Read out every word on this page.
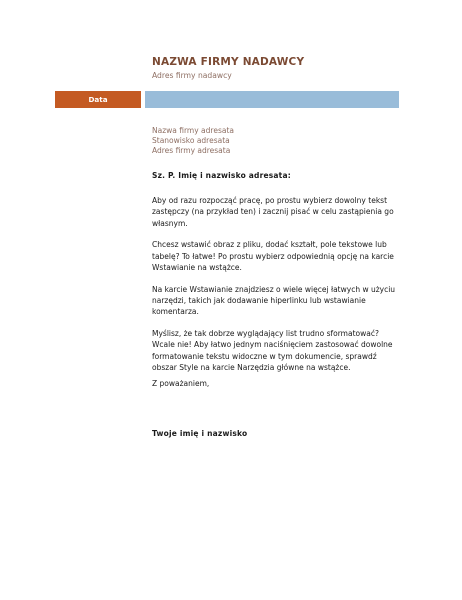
NAZWA FIRMY NADAWCY
Adres firmy nadawcy
Data
Nazwa firmy adresata
Stanowisko adresata
Adres firmy adresata
Sz. P. Imię i nazwisko adresata:

Aby od razu rozpocząć pracę, po prostu wybierz dowolny tekst zastępczy (na przykład ten) i zacznij pisać w celu zastąpienia go własnym.

Chcesz wstawić obraz z pliku, dodać kształt, pole tekstowe lub tabelę? To łatwe! Po prostu wybierz odpowiednią opcję na karcie Wstawianie na wstążce.

Na karcie Wstawianie znajdziesz o wiele więcej łatwych w użyciu narzędzi, takich jak dodawanie hiperlinku lub wstawianie komentarza.

Myślisz, że tak dobrze wyglądający list trudno sformatować? Wcale nie! Aby łatwo jednym naciśnięciem zastosować dowolne formatowanie tekstu widoczne w tym dokumencie, sprawdź obszar Style na karcie Narzędzia główne na wstążce.

Z poważaniem,
Twoje imię i nazwisko
